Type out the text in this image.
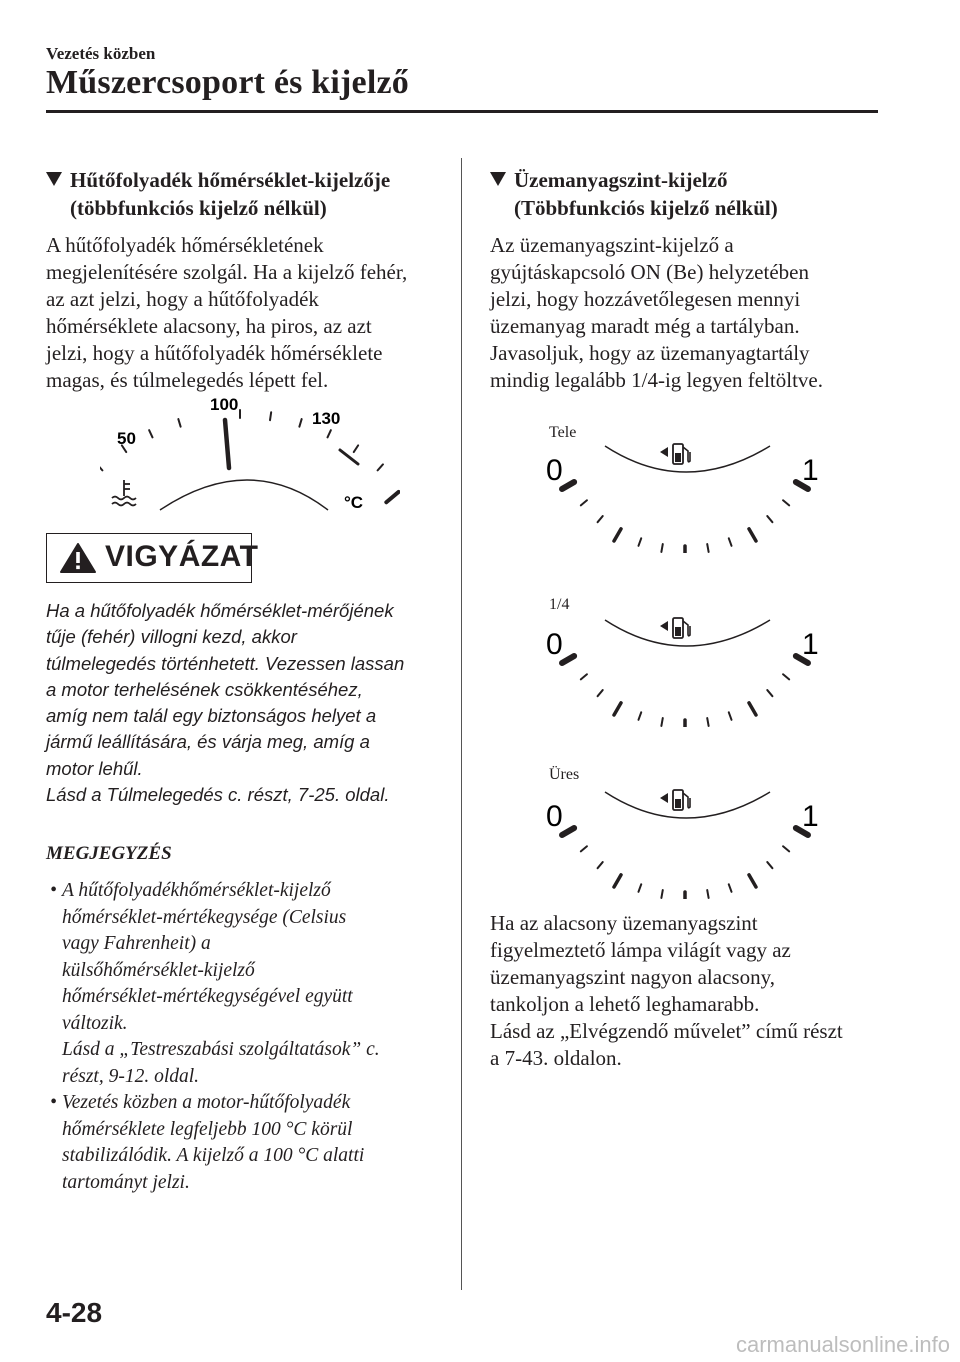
Vezetés közben
Műszercsoport és kijelző
Hűtőfolyadék hőmérséklet-kijelzője
(többfunkciós kijelző nélkül)
A hűtőfolyadék hőmérsékletének
megjelenítésére szolgál. Ha a kijelző fehér,
az azt jelzi, hogy a hűtőfolyadék
hőmérséklete alacsony, ha piros, az azt
jelzi, hogy a hűtőfolyadék hőmérséklete
magas, és túlmelegedés lépett fel.
50
100
130
°C
VIGYÁZAT
Ha a hűtőfolyadék hőmérséklet-mérőjének
tűje (fehér) villogni kezd, akkor
túlmelegedés történhetett. Vezessen lassan
a motor terhelésének csökkentéséhez,
amíg nem talál egy biztonságos helyet a
jármű leállítására, és várja meg, amíg a
motor lehűl.
Lásd a Túlmelegedés c. részt, 7-25. oldal.
MEGJEGYZÉS
• A hűtőfolyadékhőmérséklet-kijelző
hőmérséklet-mértékegysége (Celsius
vagy Fahrenheit) a
külsőhőmérséklet-kijelző
hőmérséklet-mértékegységével együtt
változik.
Lásd a „Testreszabási szolgáltatások” c.
részt, 9-12. oldal.
• Vezetés közben a motor-hűtőfolyadék
hőmérséklete legfeljebb 100 °C körül
stabilizálódik. A kijelző a 100 °C alatti
tartományt jelzi.
Üzemanyagszint-kijelző
(Többfunkciós kijelző nélkül)
Az üzemanyagszint-kijelző a
gyújtáskapcsoló ON (Be) helyzetében
jelzi, hogy hozzávetőlegesen mennyi
üzemanyag maradt még a tartályban.
Javasoljuk, hogy az üzemanyagtartály
mindig legalább 1/4-ig legyen feltöltve.
Tele
0	1
1/4
0	1
Üres
0	1
Ha az alacsony üzemanyagszint
figyelmeztető lámpa világít vagy az
üzemanyagszint nagyon alacsony,
tankoljon a lehető leghamarabb.
Lásd az „Elvégzendő művelet” című részt
a 7-43. oldalon.
4-28
carmanualsonline.info
